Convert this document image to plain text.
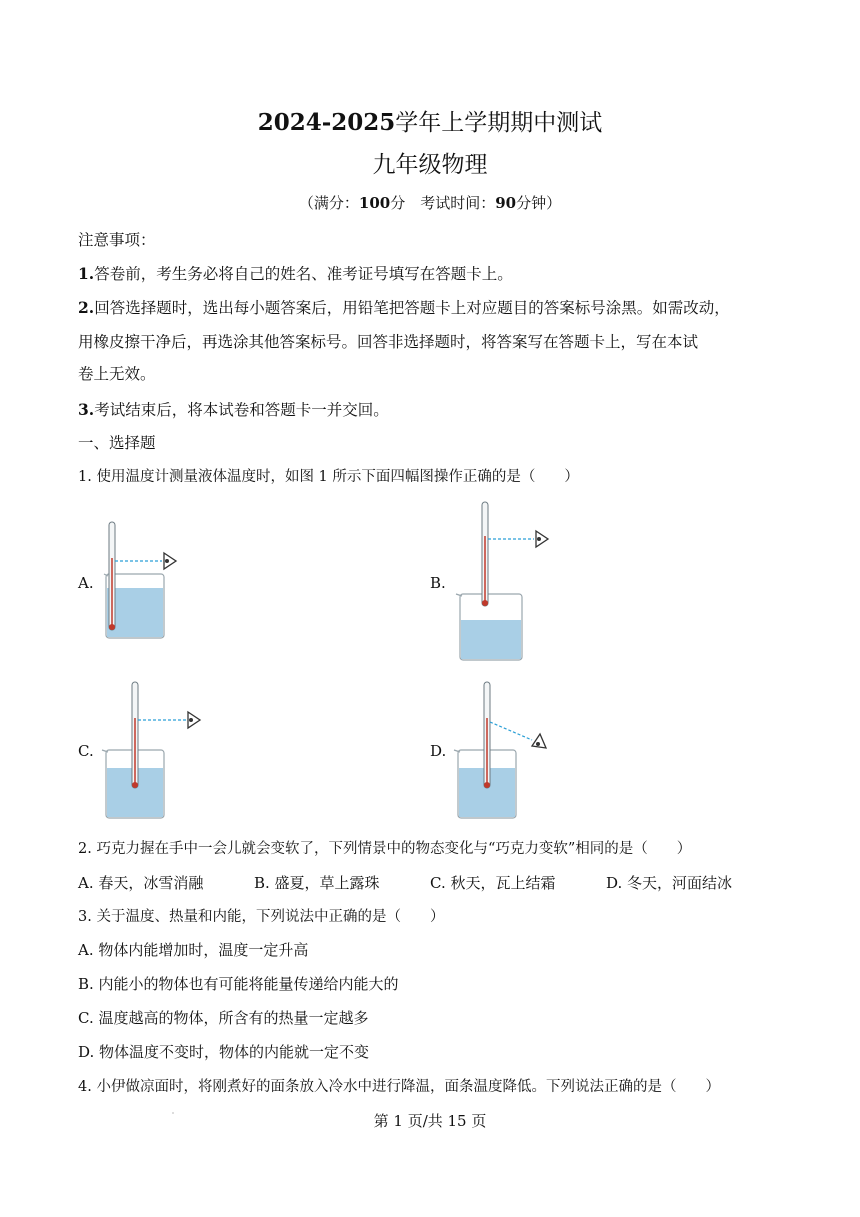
2024-2025学年上学期期中测试
九年级物理
（满分：100分　考试时间：90分钟）
注意事项：
1.答卷前，考生务必将自己的姓名、准考证号填写在答题卡上。
2.回答选择题时，选出每小题答案后，用铅笔把答题卡上对应题目的答案标号涂黑。如需改动，
用橡皮擦干净后，再选涂其他答案标号。回答非选择题时，将答案写在答题卡上，写在本试
卷上无效。
3.考试结束后，将本试卷和答题卡一并交回。
一、选择题
1. 使用温度计测量液体温度时，如图 1 所示下面四幅图操作正确的是（　　）
A.	B.
C.	D.
2. 巧克力握在手中一会儿就会变软了，下列情景中的物态变化与“巧克力变软”相同的是（　　）
A. 春天，冰雪消融	B. 盛夏，草上露珠	C. 秋天，瓦上结霜	D. 冬天，河面结冰
3. 关于温度、热量和内能，下列说法中正确的是（　　）
A. 物体内能增加时，温度一定升高
B. 内能小的物体也有可能将能量传递给内能大的
C. 温度越高的物体，所含有的热量一定越多
D. 物体温度不变时，物体的内能就一定不变
4. 小伊做凉面时，将刚煮好的面条放入冷水中进行降温，面条温度降低。下列说法正确的是（　　）
第 1 页/共 15 页
